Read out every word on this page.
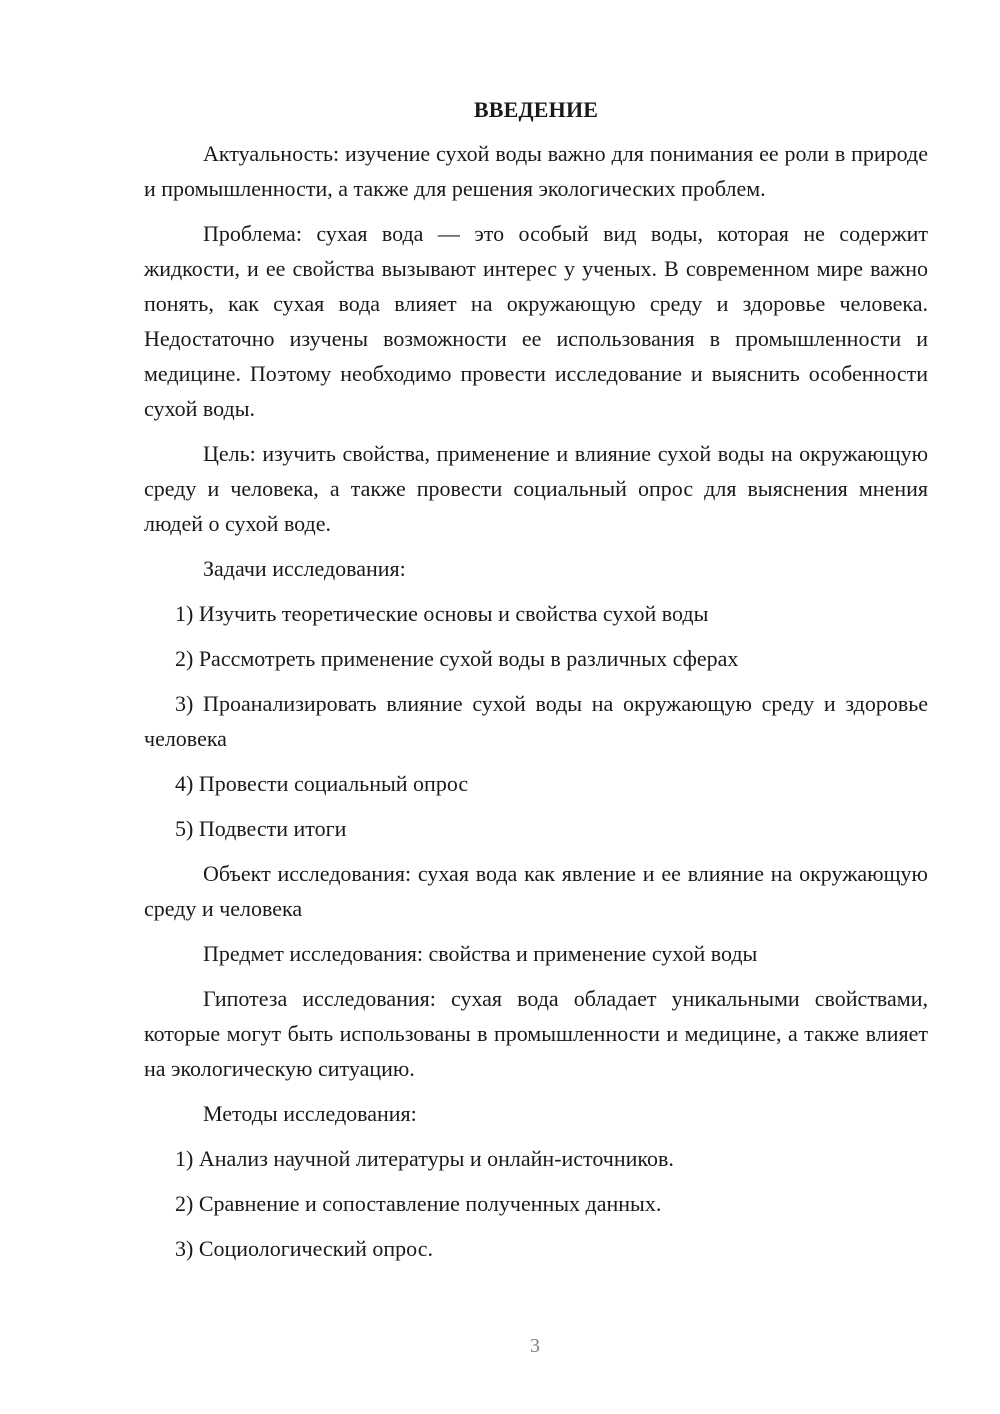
ВВЕДЕНИЕ

Актуальность: изучение сухой воды важно для понимания ее роли в природе и промышленности, а также для решения экологических проблем.

Проблема: сухая вода — это особый вид воды, которая не содержит жидкости, и ее свойства вызывают интерес у ученых. В современном мире важно понять, как сухая вода влияет на окружающую среду и здоровье человека. Недостаточно изучены возможности ее использования в промышленности и медицине. Поэтому необходимо провести исследование и выяснить особенности сухой воды.

Цель: изучить свойства, применение и влияние сухой воды на окружающую среду и человека, а также провести социальный опрос для выяснения мнения людей о сухой воде.

Задачи исследования:

1) Изучить теоретические основы и свойства сухой воды

2) Рассмотреть применение сухой воды в различных сферах

3) Проанализировать влияние сухой воды на окружающую среду и здоровье человека

4) Провести социальный опрос

5) Подвести итоги

Объект исследования: сухая вода как явление и ее влияние на окружающую среду и человека

Предмет исследования: свойства и применение сухой воды

Гипотеза исследования: сухая вода обладает уникальными свойствами, которые могут быть использованы в промышленности и медицине, а также влияет на экологическую ситуацию.

Методы исследования:

1) Анализ научной литературы и онлайн-источников.

2) Сравнение и сопоставление полученных данных.

3) Социологический опрос.

3
